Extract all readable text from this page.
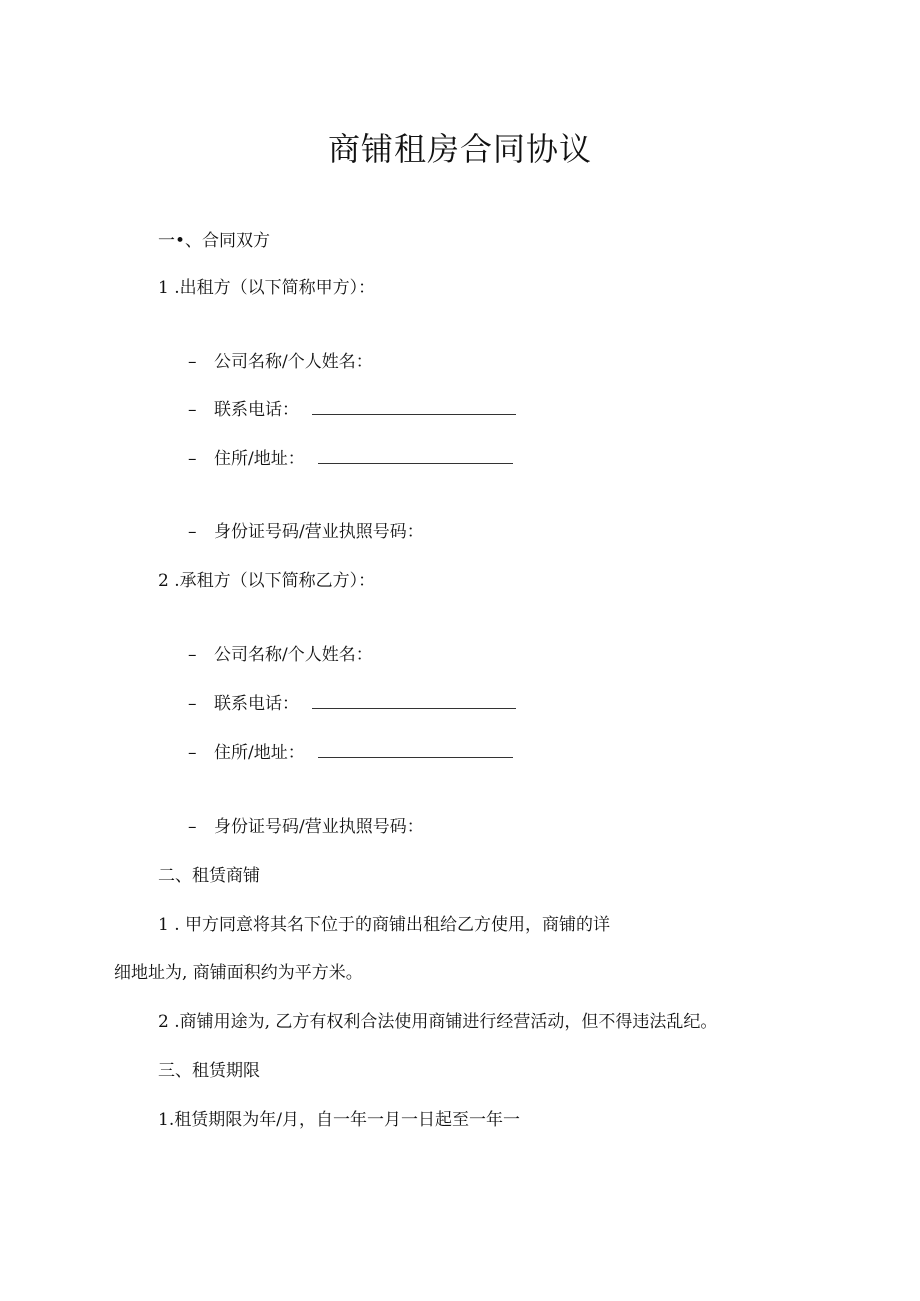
商铺租房合同协议
一•、合同双方
1 .出租方（以下简称甲方）：
– 公司名称/个人姓名：
– 联系电话：
– 住所/地址：
– 身份证号码/营业执照号码：
2 .承租方（以下简称乙方）：
– 公司名称/个人姓名：
– 联系电话：
– 住所/地址：
– 身份证号码/营业执照号码：
二、租赁商铺
1 . 甲方同意将其名下位于的商铺出租给乙方使用，商铺的详
细地址为, 商铺面积约为平方米。
2 .商铺用途为, 乙方有权利合法使用商铺进行经营活动，但不得违法乱纪。
三、租赁期限
1.租赁期限为年/月，自一年一月一日起至一年一
